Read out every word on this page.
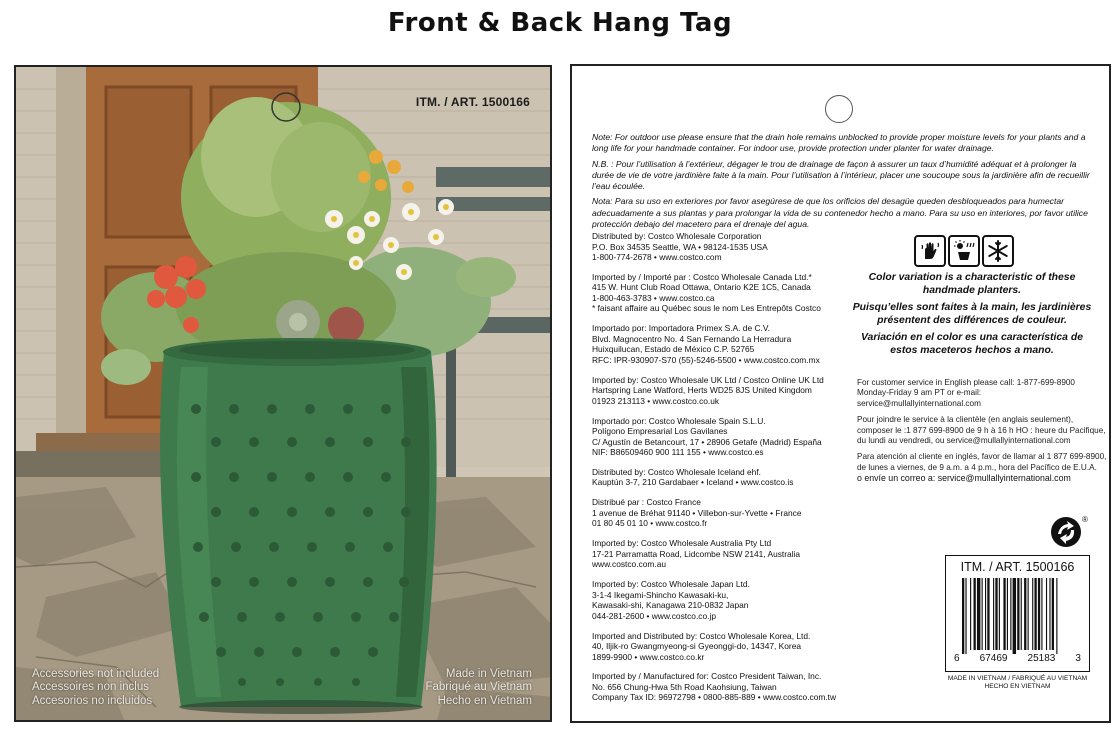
Front & Back Hang Tag
ITM. / ART. 1500166
Accessories not included
Accessoires non inclus
Accesorios no incluidos
Made in Vietnam
Fabriqué au Vietnam
Hecho en Vietnam

Note: For outdoor use please ensure that the drain hole remains unblocked to provide proper moisture levels for your plants and a long life for your handmade container. For indoor use, provide protection under planter for water drainage.

N.B. : Pour l’utilisation à l’extérieur, dégager le trou de drainage de façon à assurer un taux d’humidité adéquat et à prolonger la durée de vie de votre jardinière faite à la main. Pour l’utilisation à l’intérieur, placer une soucoupe sous la jardinière afin de recueillir l’eau écoulée.

Nota: Para su uso en exteriores por favor asegúrese de que los orificios del desagüe queden desbloqueados para humectar adecuadamente a sus plantas y para prolongar la vida de su contenedor hecho a mano. Para su uso en interiores, por favor utilice protección debajo del macetero para el drenaje del agua.

Distributed by: Costco Wholesale Corporation
P.O. Box 34535 Seattle, WA • 98124-1535 USA
1-800-774-2678 • www.costco.com
Imported by / Importé par : Costco Wholesale Canada Ltd.*
415 W. Hunt Club Road Ottawa, Ontario K2E 1C5, Canada
1-800-463-3783 • www.costco.ca
* faisant affaire au Québec sous le nom Les Entrepôts Costco
Importado por: Importadora Primex S.A. de C.V.
Blvd. Magnocentro No. 4 San Fernando La Herradura
Huixquilucan, Estado de México C.P. 52765
RFC: IPR-930907-S70 (55)-5246-5500 • www.costco.com.mx
Imported by: Costco Wholesale UK Ltd / Costco Online UK Ltd
Hartspring Lane Watford, Herts WD25 8JS United Kingdom
01923 213113 • www.costco.co.uk
Importado por: Costco Wholesale Spain S.L.U.
Polígono Empresarial Los Gavilanes
C/ Agustín de Betancourt, 17 • 28906 Getafe (Madrid) España
NIF: B86509460 900 111 155 • www.costco.es
Distributed by: Costco Wholesale Iceland ehf.
Kauptún 3-7, 210 Gardabaer • Iceland • www.costco.is
Distribué par : Costco France
1 avenue de Bréhat 91140 • Villebon-sur-Yvette • France
01 80 45 01 10 • www.costco.fr
Imported by: Costco Wholesale Australia Pty Ltd
17-21 Parramatta Road, Lidcombe NSW 2141, Australia
www.costco.com.au
Imported by: Costco Wholesale Japan Ltd.
3-1-4 Ikegami-Shincho Kawasaki-ku,
Kawasaki-shi, Kanagawa 210-0832 Japan
044-281-2600 • www.costco.co.jp
Imported and Distributed by: Costco Wholesale Korea, Ltd.
40, Iljik-ro Gwangmyeong-si Gyeonggi-do, 14347, Korea
1899-9900 • www.costco.co.kr
Imported by / Manufactured for: Costco President Taiwan, Inc.
No. 656 Chung-Hwa 5th Road Kaohsiung, Taiwan
Company Tax ID: 96972798 • 0800-885-889 • www.costco.com.tw

Color variation is a characteristic of these handmade planters.

Puisqu’elles sont faites à la main, les jardinières présentent des différences de couleur.

Variación en el color es una característica de estos maceteros hechos a mano.

For customer service in English please call: 1-877-699-8900 Monday-Friday 9 am PT or e-mail: service@mullallyinternational.com

Pour joindre le service à la clientèle (en anglais seulement), composer le :1 877 699-8900 de 9 h à 16 h HO : heure du Pacifique, du lundi au vendredi, ou service@mullallyinternational.com

Para atención al cliente en inglés, favor de llamar al 1 877 699-8900, de lunes a viernes, de 9 a.m. a 4 p.m., hora del Pacífico de E.U.A.

o envíe un correo a: service@mullallyinternational.com
®
ITM. / ART. 1500166
6 67469 25183 3
MADE IN VIETNAM / FABRIQUÉ AU VIETNAM
HECHO EN VIETNAM
